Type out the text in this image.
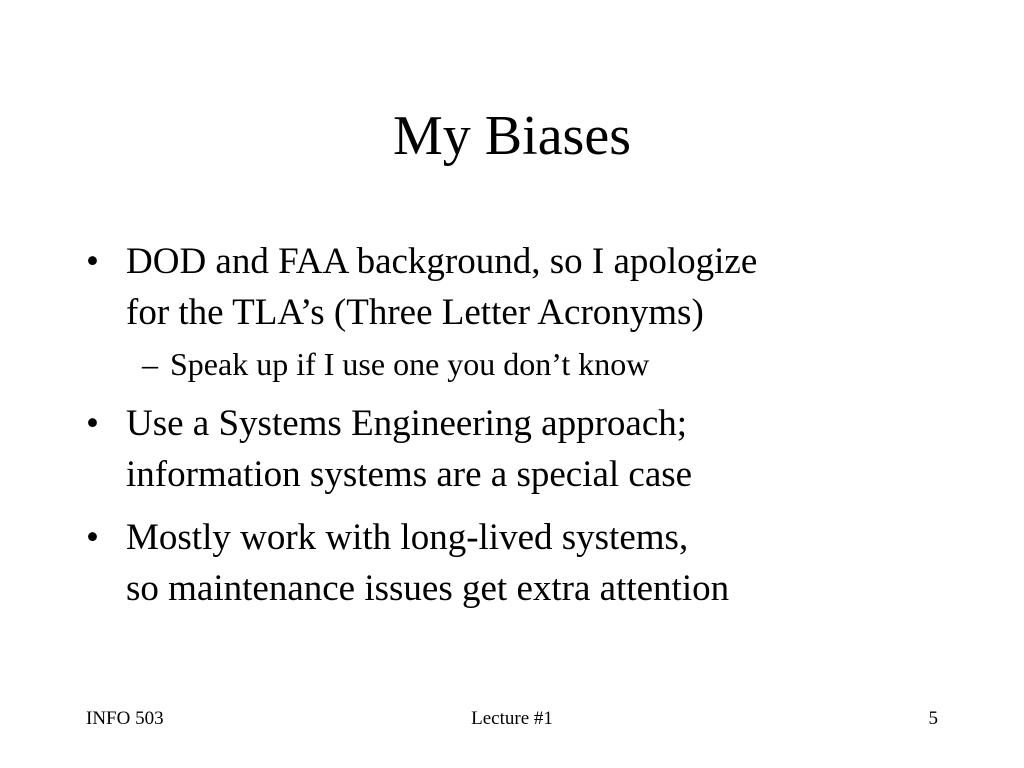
My Biases
• DOD and FAA background, so I apologize
for the TLA’s (Three Letter Acronyms)
– Speak up if I use one you don’t know
• Use a Systems Engineering approach;
information systems are a special case
• Mostly work with long-lived systems,
so maintenance issues get extra attention
INFO 503	Lecture #1	5
